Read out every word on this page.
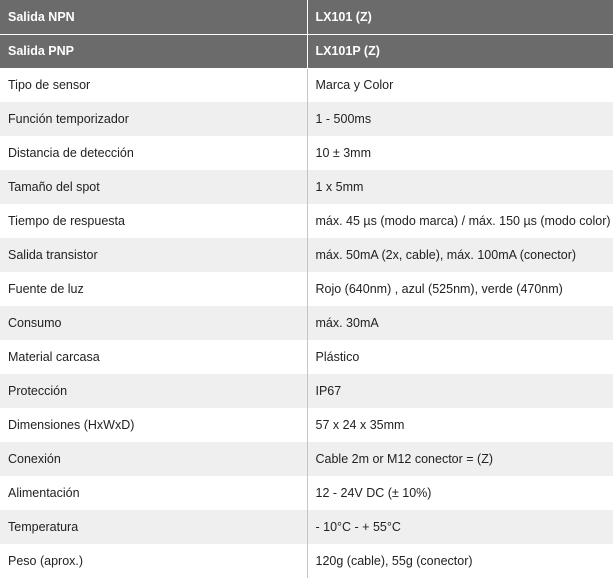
Salida NPN	LX101 (Z)
Salida PNP	LX101P (Z)
Tipo de sensor	Marca y Color
Función temporizador	1 - 500ms
Distancia de detección	10 ± 3mm
Tamaño del spot	1 x 5mm
Tiempo de respuesta	máx. 45 µs (modo marca) / máx. 150 µs (modo color)
Salida transistor	máx. 50mA (2x, cable), máx. 100mA (conector)
Fuente de luz	Rojo (640nm) , azul (525nm), verde (470nm)
Consumo	máx. 30mA
Material carcasa	Plástico
Protección	IP67
Dimensiones (HxWxD)	57 x 24 x 35mm
Conexión	Cable 2m or M12 conector = (Z)
Alimentación	12 - 24V DC (± 10%)
Temperatura	- 10°C - + 55°C
Peso (aprox.)	120g (cable), 55g (conector)
